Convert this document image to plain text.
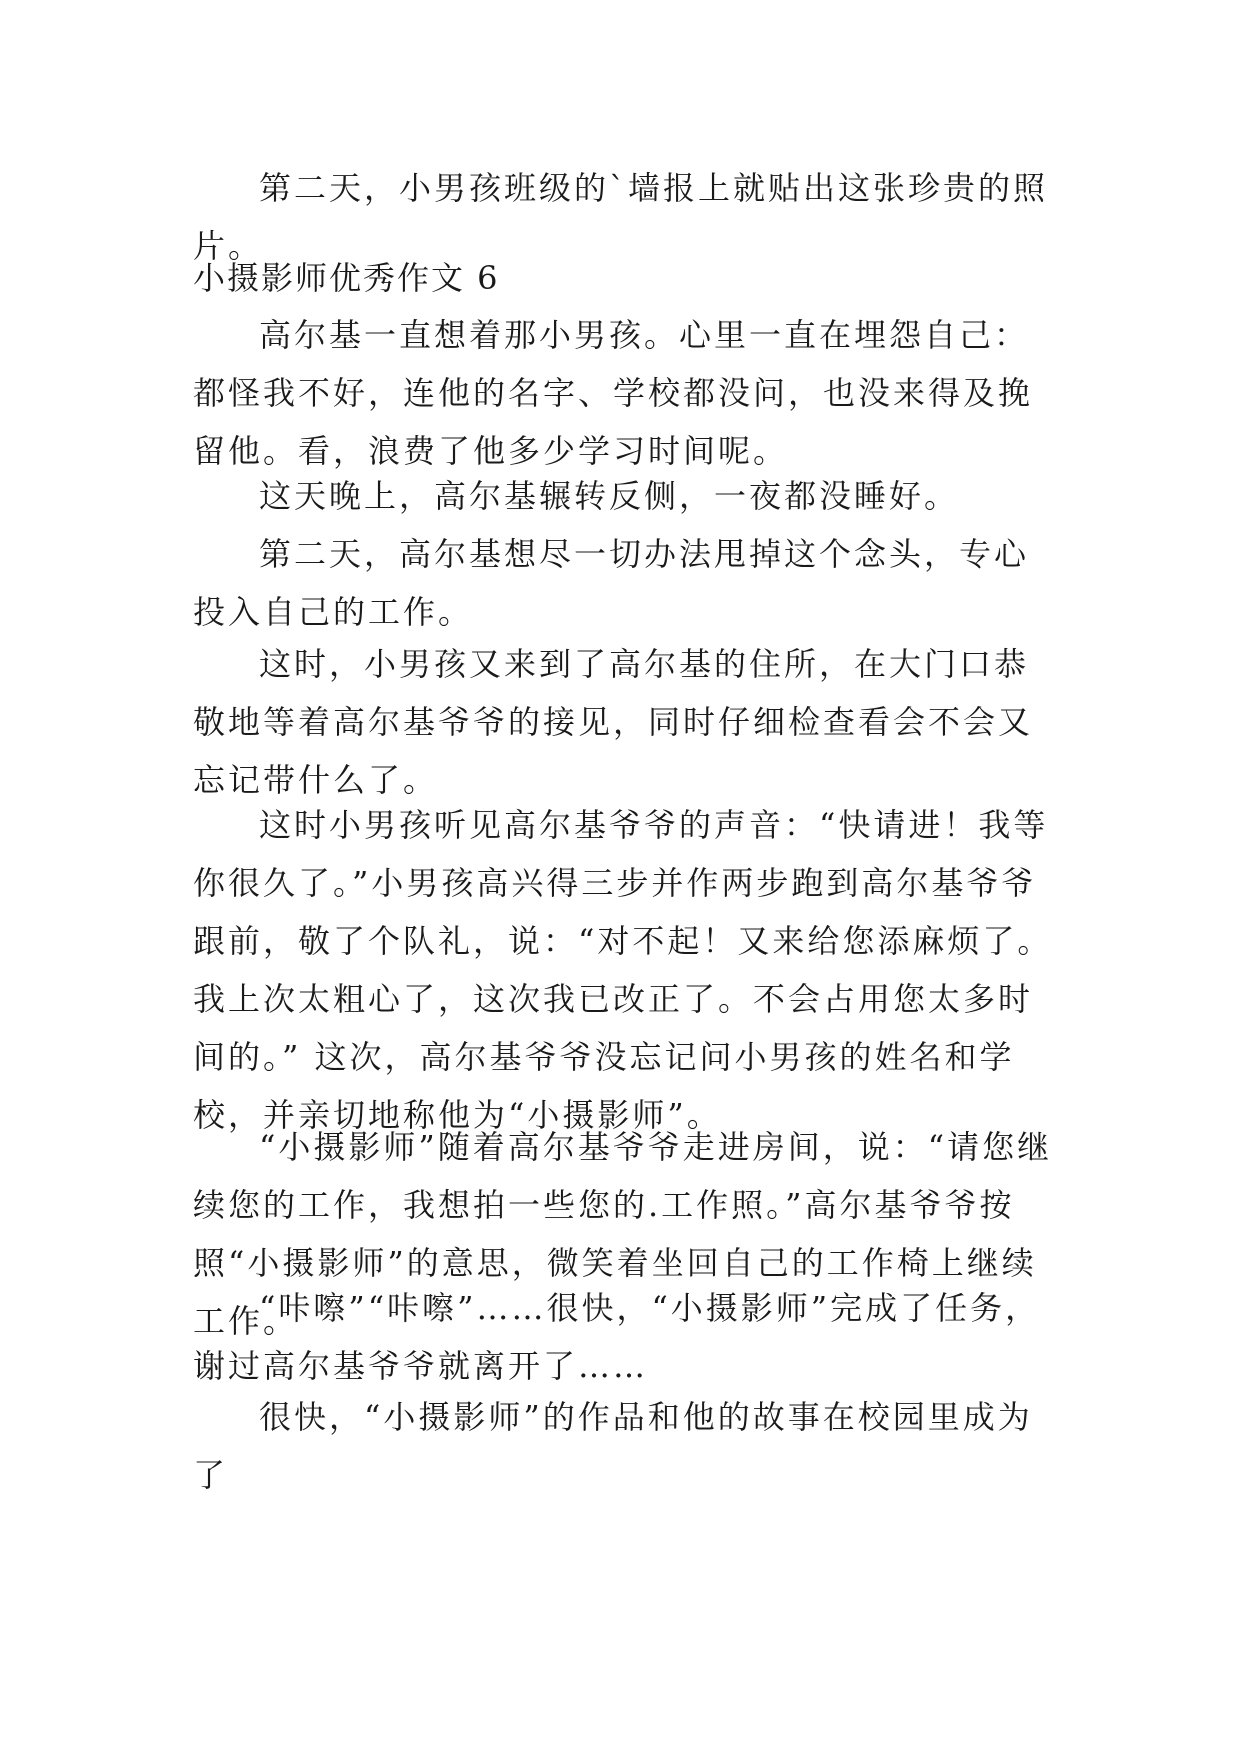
第二天，小男孩班级的`墙报上就贴出这张珍贵的照片。

小摄影师优秀作文 6

高尔基一直想着那小男孩。心里一直在埋怨自己：都怪我不好，连他的名字、学校都没问，也没来得及挽留他。看，浪费了他多少学习时间呢。

这天晚上，高尔基辗转反侧，一夜都没睡好。

第二天，高尔基想尽一切办法甩掉这个念头，专心投入自己的工作。

这时，小男孩又来到了高尔基的住所，在大门口恭敬地等着高尔基爷爷的接见，同时仔细检查看会不会又忘记带什么了。

这时小男孩听见高尔基爷爷的声音：“快请进！我等你很久了。”小男孩高兴得三步并作两步跑到高尔基爷爷跟前，敬了个队礼，说：“对不起！又来给您添麻烦了。我上次太粗心了，这次我已改正了。不会占用您太多时间的。” 这次，高尔基爷爷没忘记问小男孩的姓名和学校，并亲切地称他为“小摄影师”。

“小摄影师”随着高尔基爷爷走进房间，说：“请您继续您的工作，我想拍一些您的.工作照。”高尔基爷爷按照“小摄影师”的意思，微笑着坐回自己的工作椅上继续工作。

“咔嚓”“咔嚓”……很快，“小摄影师”完成了任务，谢过高尔基爷爷就离开了……

很快，“小摄影师”的作品和他的故事在校园里成为了
